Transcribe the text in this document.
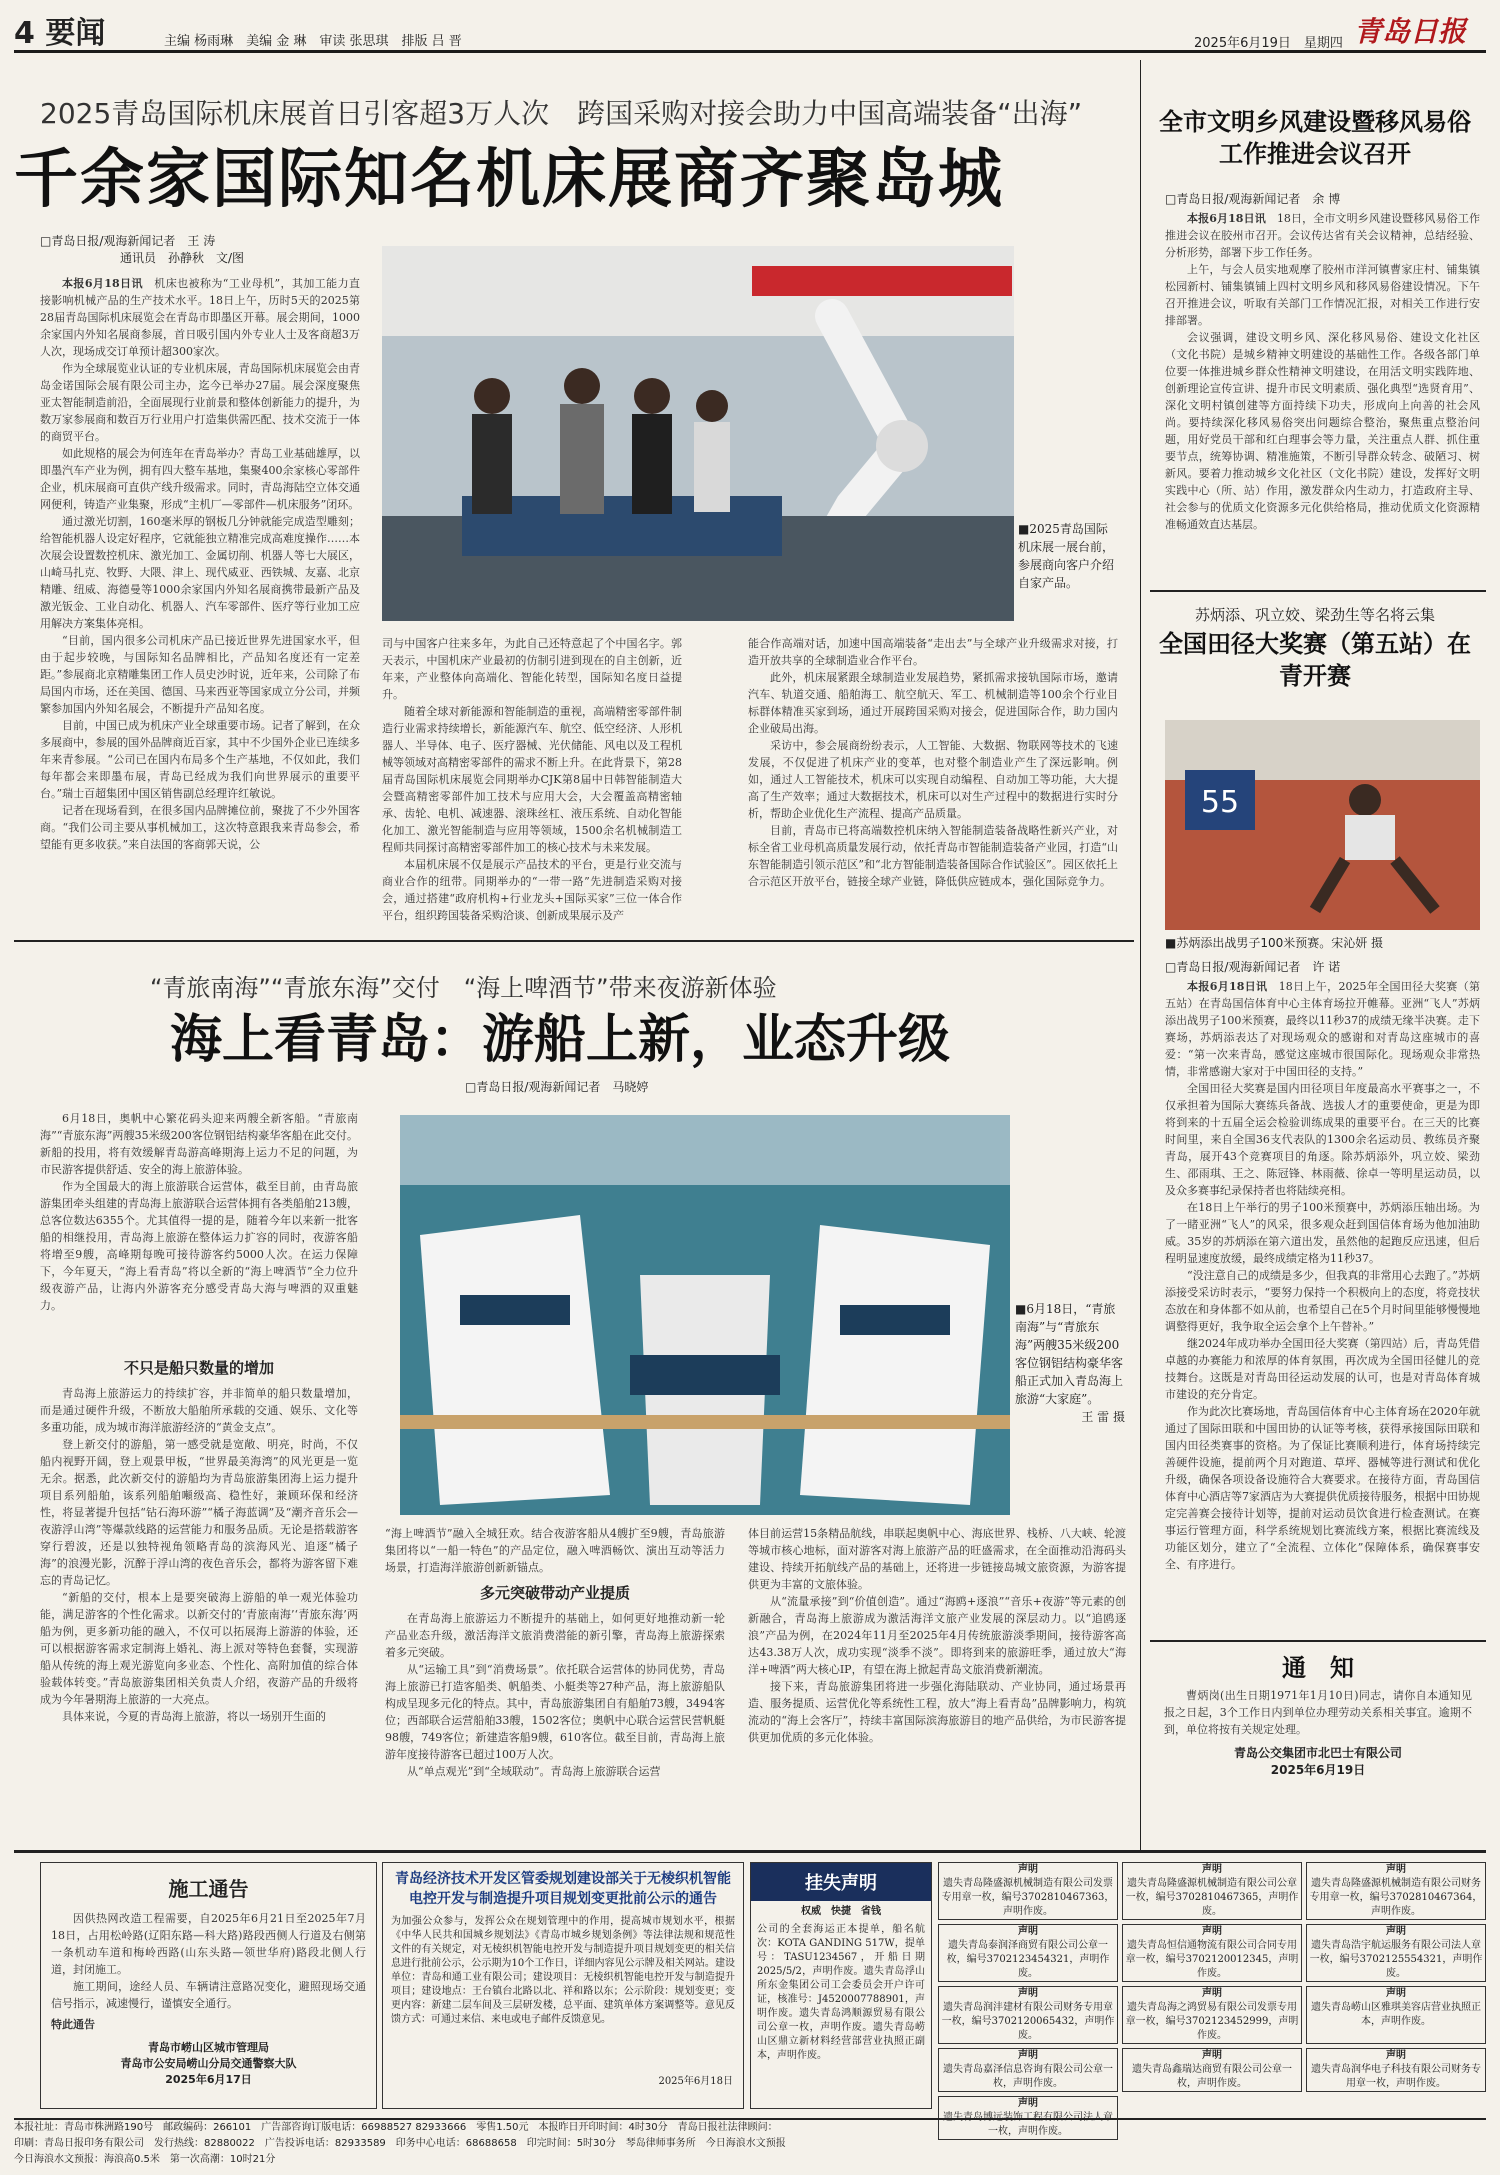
4 要闻	主编 杨雨琳　美编 金 琳　审读 张思琪　排版 吕 晋	2025年6月19日　星期四 青岛日报
2025青岛国际机床展首日引客超3万人次　跨国采购对接会助力中国高端装备“出海”
千余家国际知名机床展商齐聚岛城
□青岛日报/观海新闻记者　王 涛
通讯员　孙静秋　文/图

本报6月18日讯　 机床也被称为“工业母机”，其加工能力直接影响机械产品的生产技术水平。18日上午，历时5天的2025第28届青岛国际机床展览会在青岛市即墨区开幕。展会期间，1000余家国内外知名展商参展，首日吸引国内外专业人士及客商超3万人次，现场成交订单预计超300家次。

作为全球展览业认证的专业机床展，青岛国际机床展览会由青岛金诺国际会展有限公司主办，迄今已举办27届。展会深度聚焦亚太智能制造前沿，全面展现行业前景和整体创新能力的提升，为数万家参展商和数百万行业用户打造集供需匹配、技术交流于一体的商贸平台。

如此规格的展会为何连年在青岛举办？青岛工业基础雄厚，以即墨汽车产业为例，拥有四大整车基地，集聚400余家核心零部件企业，机床展商可直供产线升级需求。同时，青岛海陆空立体交通网便利，铸造产业集聚，形成“主机厂—零部件—机床服务”闭环。

通过激光切割，160毫米厚的钢板几分钟就能完成造型雕刻；给智能机器人设定好程序，它就能独立精准完成高难度操作……本次展会设置数控机床、激光加工、金属切削、机器人等七大展区，山崎马扎克、牧野、大隈、津上、现代威亚、西铁城、友嘉、北京精雕、纽威、海德曼等1000余家国内外知名展商携带最新产品及激光钣金、工业自动化、机器人、汽车零部件、医疗等行业加工应用解决方案集体亮相。

“目前，国内很多公司机床产品已接近世界先进国家水平，但由于起步较晚，与国际知名品牌相比，产品知名度还有一定差距。”参展商北京精雕集团工作人员史沙时说，近年来，公司除了布局国内市场，还在美国、德国、马来西亚等国家成立分公司，并频繁参加国内外知名展会，不断提升产品知名度。

目前，中国已成为机床产业全球重要市场。记者了解到，在众多展商中，参展的国外品牌商近百家，其中不少国外企业已连续多年来青参展。“公司已在国内布局多个生产基地，不仅如此，我们每年都会来即墨布展，青岛已经成为我们向世界展示的重要平台。”瑞士百超集团中国区销售副总经理许红敏说。

记者在现场看到，在很多国内品牌摊位前，聚拢了不少外国客商。“我们公司主要从事机械加工，这次特意跟我来青岛参会，希望能有更多收获。”来自法国的客商郭天说，公

■2025青岛国际机床展一展台前，参展商向客户介绍自家产品。

司与中国客户往来多年，为此自己还特意起了个中国名字。郭天表示，中国机床产业最初的仿制引进到现在的自主创新，近年来，产业整体向高端化、智能化转型，国际知名度日益提升。

随着全球对新能源和智能制造的重视，高端精密零部件制造行业需求持续增长，新能源汽车、航空、低空经济、人形机器人、半导体、电子、医疗器械、光伏储能、风电以及工程机械等领域对高精密零部件的需求不断上升。在此背景下，第28届青岛国际机床展览会同期举办CJK第8届中日韩智能制造大会暨高精密零部件加工技术与应用大会，大会覆盖高精密轴承、齿轮、电机、减速器、滚珠丝杠、液压系统、自动化智能化加工、激光智能制造与应用等领域，1500余名机械制造工程师共同探讨高精密零部件加工的核心技术与未来发展。

本届机床展不仅是展示产品技术的平台，更是行业交流与商业合作的纽带。同期举办的“一带一路”先进制造采购对接会，通过搭建“政府机构+行业龙头+国际买家”三位一体合作平台，组织跨国装备采购洽谈、创新成果展示及产

能合作高端对话，加速中国高端装备“走出去”与全球产业升级需求对接，打造开放共享的全球制造业合作平台。

此外，机床展紧跟全球制造业发展趋势，紧抓需求接轨国际市场，邀请汽车、轨道交通、船舶海工、航空航天、军工、机械制造等100余个行业目标群体精准买家到场，通过开展跨国采购对接会，促进国际合作，助力国内企业破局出海。

采访中，参会展商纷纷表示，人工智能、大数据、物联网等技术的飞速发展，不仅促进了机床产业的变革，也对整个制造业产生了深远影响。例如，通过人工智能技术，机床可以实现自动编程、自动加工等功能，大大提高了生产效率；通过大数据技术，机床可以对生产过程中的数据进行实时分析，帮助企业优化生产流程、提高产品质量。

目前，青岛市已将高端数控机床纳入智能制造装备战略性新兴产业，对标全省工业母机高质量发展行动，依托青岛市智能制造装备产业园，打造“山东智能制造引领示范区”和“北方智能制造装备国际合作试验区”。园区依托上合示范区开放平台，链接全球产业链，降低供应链成本，强化国际竞争力。

“青旅南海”“青旅东海”交付　“海上啤酒节”带来夜游新体验
海上看青岛：游船上新，业态升级
□青岛日报/观海新闻记者　马晓婷

6月18日，奥帆中心繁花码头迎来两艘全新客船。“青旅南海”“青旅东海”两艘35米级200客位钢铝结构豪华客船在此交付。新船的投用，将有效缓解青岛游高峰期海上运力不足的问题，为市民游客提供舒适、安全的海上旅游体验。

作为全国最大的海上旅游联合运营体，截至目前，由青岛旅游集团牵头组建的青岛海上旅游联合运营体拥有各类船舶213艘，总客位数达6355个。尤其值得一提的是，随着今年以来新一批客船的相继投用，青岛海上旅游在整体运力扩容的同时，夜游客船将增至9艘，高峰期每晚可接待游客约5000人次。在运力保障下，今年夏天，“海上看青岛”将以全新的“海上啤酒节”全力位升级夜游产品，让海内外游客充分感受青岛大海与啤酒的双重魅力。	■6月18日，“青旅南海”与“青旅东海”两艘35米级200客位钢铝结构豪华客船正式加入青岛海上旅游“大家庭”。
王 雷 摄
不只是船只数量的增加

青岛海上旅游运力的持续扩容，并非简单的船只数量增加，而是通过硬件升级，不断放大船舶所承载的交通、娱乐、文化等多重功能，成为城市海洋旅游经济的“黄金支点”。

登上新交付的游船，第一感受就是宽敞、明亮，时尚，不仅船内视野开阔，登上观景甲板，“世界最美海湾”的风光更是一览无余。据悉，此次新交付的游船均为青岛旅游集团海上运力提升项目系列船舶，该系列船舶噸级高、稳性好，兼顾环保和经济性，将显著提升包括“钻石海环游”“橘子海蓝调”及“潮齐音乐会—夜游浮山湾”等爆款线路的运营能力和服务品质。无论是搭载游客穿行碧波，还是以独特视角领略青岛的滨海风光、追逐“橘子海”的浪漫光影，沉醉于浮山湾的夜色音乐会，都将为游客留下难忘的青岛记忆。

“新船的交付，根本上是要突破海上游船的单一观光体验功能，满足游客的个性化需求。以新交付的‘青旅南海’‘青旅东海’两船为例，更多新功能的融入，不仅可以拓展海上游游的体验，还可以根据游客需求定制海上婚礼、海上派对等特色套餐，实现游船从传统的海上观光游览向多业态、个性化、高附加值的综合体验载体转变。”青岛旅游集团相关负责人介绍，夜游产品的升级将成为今年暑期海上旅游的一大亮点。

具体来说，今夏的青岛海上旅游，将以一场别开生面的

“海上啤酒节”融入全城狂欢。结合夜游客船从4艘扩至9艘，青岛旅游集团将以“一船一特色”的产品定位，融入啤酒畅饮、演出互动等活力场景，打造海洋旅游创新新锚点。

多元突破带动产业提质

在青岛海上旅游运力不断提升的基础上，如何更好地推动新一轮产品业态升级，激活海洋文旅消费潜能的新引擎，青岛海上旅游探索着多元突破。

从“运输工具”到“消费场景”。依托联合运营体的协同优势，青岛海上旅游已打造客船类、帆船类、小艇类等27种产品，海上旅游船队构成呈现多元化的特点。其中，青岛旅游集团自有船舶73艘，3494客位；西部联合运营船舶33艘，1502客位；奥帆中心联合运营民营帆艇98艘，749客位；新建造客船9艘，610客位。截至目前，青岛海上旅游年度接待游客已超过100万人次。

从“单点观光”到“全域联动”。青岛海上旅游联合运营

体目前运营15条精品航线，串联起奥帆中心、海底世界、栈桥、八大峡、轮渡等城市核心地标，面对游客对海上旅游产品的旺盛需求，在全面推动沿海码头建设、持续开拓航线产品的基础上，还将进一步链接岛城文旅资源，为游客提供更为丰富的文旅体验。

从“流量承接”到“价值创造”。通过“海鸥+逐浪”“音乐+夜游”等元素的创新融合，青岛海上旅游成为激活海洋文旅产业发展的深层动力。以“追鸥逐浪”产品为例，在2024年11月至2025年4月传统旅游淡季期间，接待游客高达43.38万人次，成功实现“淡季不淡”。即将到来的旅游旺季，通过放大“海洋+啤酒”两大核心IP，有望在海上掀起青岛文旅消费新潮流。

接下来，青岛旅游集团将进一步强化海陆联动、产业协同，通过场景再造、服务提质、运营优化等系统性工程，放大“海上看青岛”品牌影响力，构筑流动的“海上会客厅”，持续丰富国际滨海旅游目的地产品供给，为市民游客提供更加优质的多元化体验。

全市文明乡风建设暨移风易俗工作推进会议召开
□青岛日报/观海新闻记者　余 博

本报6月18日讯　 18日，全市文明乡风建设暨移风易俗工作推进会议在胶州市召开。会议传达省有关会议精神，总结经验、分析形势，部署下步工作任务。

上午，与会人员实地观摩了胶州市洋河镇曹家庄村、铺集镇松园新村、铺集镇铺上四村文明乡风和移风易俗建设情况。下午召开推进会议，听取有关部门工作情况汇报，对相关工作进行安排部署。

会议强调，建设文明乡风、深化移风易俗、建设文化社区（文化书院）是城乡精神文明建设的基础性工作。各级各部门单位要一体推进城乡群众性精神文明建设，在用活文明实践阵地、创新理论宣传宣讲、提升市民文明素质、强化典型“选贤育用”、深化文明村镇创建等方面持续下功夫，形成向上向善的社会风尚。要持续深化移风易俗突出问题综合整治，聚焦重点整治问题，用好党员干部和红白理事会等力量，关注重点人群、抓住重要节点，统筹协调、精准施策，不断引导群众转念、破陋习、树新风。要着力推动城乡文化社区（文化书院）建设，发挥好文明实践中心（所、站）作用，激发群众内生动力，打造政府主导、社会参与的优质文化资源多元化供给格局，推动优质文化资源精准畅通效直达基层。

苏炳添、巩立姣、梁劲生等名将云集
全国田径大奖赛（第五站）在青开赛
55
■苏炳添出战男子100米预赛。宋沁妍 摄
□青岛日报/观海新闻记者　许 诺

本报6月18日讯　 18日上午，2025年全国田径大奖赛（第五站）在青岛国信体育中心主体育场拉开帷幕。亚洲“飞人”苏炳添出战男子100米预赛，最终以11秒37的成绩无缘半决赛。走下赛场，苏炳添表达了对现场观众的感谢和对青岛这座城市的喜爱：“第一次来青岛，感觉这座城市很国际化。现场观众非常热情，非常感谢大家对于中国田径的支持。”

全国田径大奖赛是国内田径项目年度最高水平赛事之一，不仅承担着为国际大赛练兵备战、选拔人才的重要使命，更是为即将到来的十五届全运会检验训练成果的重要平台。在三天的比赛时间里，来自全国36支代表队的1300余名运动员、教练员齐聚青岛，展开43个竞赛项目的角逐。除苏炳添外，巩立姣、梁劲生、邵雨琪、王之、陈冠锋、林雨薇、徐卓一等明星运动员，以及众多赛事纪录保持者也将陆续亮相。

在18日上午举行的男子100米预赛中，苏炳添压轴出场。为了一睹亚洲“飞人”的风采，很多观众赶到国信体育场为他加油助威。35岁的苏炳添在第六道出发，虽然他的起跑反应迅速，但后程明显速度放缓，最终成绩定格为11秒37。

“没注意自己的成绩是多少，但我真的非常用心去跑了。”苏炳添接受采访时表示，“要努力保持一个积极向上的态度，将竞技状态放在和身体都不如从前，也希望自己在5个月时间里能够慢慢地调整得更好，我争取全运会拿个上午替补。”

继2024年成功举办全国田径大奖赛（第四站）后，青岛凭借卓越的办赛能力和浓厚的体育氛围，再次成为全国田径健儿的竞技舞台。这既是对青岛田径运动发展的认可，也是对青岛体育城市建设的充分肯定。

作为此次比赛场地，青岛国信体育中心主体育场在2020年就通过了国际田联和中国田协的认证等考核，获得承接国际田联和国内田径类赛事的资格。为了保证比赛顺利进行，体育场持续完善硬件设施，提前两个月对跑道、草坪、器械等进行测试和优化升级，确保各项设备设施符合大赛要求。在接待方面，青岛国信体育中心酒店等7家酒店为大赛提供优质接待服务，根据中田协规定完善赛会接待计划等，提前对运动员饮食进行检查测试。在赛事运行管理方面，科学系统规划比赛流线方案，根据比赛流线及功能区划分，建立了“全流程、立体化”保障体系，确保赛事安全、有序进行。

通　知

曹炳岗(出生日期1971年1月10日)同志，请你自本通知见报之日起，3个工作日内到单位办理劳动关系相关事宜。逾期不到，单位将按有关规定处理。

青岛公交集团市北巴士有限公司
2025年6月19日
施工通告

因供热网改造工程需要，自2025年6月21日至2025年7月18日，占用松岭路(辽阳东路—科大路)路段西侧人行道及右侧第一条机动车道和梅岭西路(山东头路—领世华府)路段北侧人行道，封闭施工。

施工期间，途经人员、车辆请注意路况变化，避照现场交通信号指示，减速慢行，谨慎安全通行。

特此通告
青岛市崂山区城市管理局
青岛市公安局崂山分局交通警察大队
2025年6月17日
青岛经济技术开发区管委规划建设部关于无棱织机智能电控开发与制造提升项目规划变更批前公示的通告
为加强公众参与，发挥公众在规划管理中的作用，提高城市规划水平，根据《中华人民共和国城乡规划法》《青岛市城乡规划条例》等法律法规和规范性文件的有关规定，对无棱织机智能电控开发与制造提升项目规划变更的相关信息进行批前公示，公示期为10个工作日，详细内容见公示牌及相关网站。建设单位：青岛和通工业有限公司；建设项目：无棱织机智能电控开发与制造提升项目；建设地点：王台镇台北路以北、祥和路以东；公示阶段：规划变更；变更内容：新建二层车间及三层研发楼，总平面、建筑单体方案调整等。意见反馈方式：可通过来信、来电或电子邮件反馈意见。
2025年6月18日
挂失声明
权威　快捷　省钱
公司的全套海运正本提单，船名航次：KOTA GANDING 517W，提单号：TASU1234567，开船日期2025/5/2，声明作废。遗失青岛浮山所东金集团公司工会委员会开户许可证，核准号：J4520007788901，声明作废。遗失青岛鸿顺源贸易有限公司公章一枚，声明作废。遗失青岛崂山区鼎立新材料经营部营业执照正副本，声明作废。
声明
遗失青岛隆盛源机械制造有限公司发票专用章一枚，编号3702810467363，声明作废。
声明
遗失青岛隆盛源机械制造有限公司公章一枚，编号3702810467365，声明作废。
声明
遗失青岛隆盛源机械制造有限公司财务专用章一枚，编号3702810467364，声明作废。
声明
遗失青岛泰润泽商贸有限公司公章一枚，编号3702123454321，声明作废。
声明
遗失青岛恒信通物流有限公司合同专用章一枚，编号3702120012345，声明作废。
声明
遗失青岛浩宇航运服务有限公司法人章一枚，编号3702125554321，声明作废。
声明
遗失青岛润沣建材有限公司财务专用章一枚，编号3702120065432，声明作废。
声明
遗失青岛海之鸿贸易有限公司发票专用章一枚，编号3702123452999，声明作废。
声明
遗失青岛崂山区雅琪美容店营业执照正本，声明作废。
声明
遗失青岛嘉泽信息咨询有限公司公章一枚，声明作废。
声明
遗失青岛鑫瑞达商贸有限公司公章一枚，声明作废。
声明
遗失青岛润华电子科技有限公司财务专用章一枚，声明作废。
声明
遗失青岛博远装饰工程有限公司法人章一枚，声明作废。
本报社址：青岛市株洲路190号　邮政编码：266101　广告部咨询订版电话：66988527 82933666　零售1.50元　本报昨日开印时间：4时30分　青岛日报社法律顾问：
印刷：青岛日报印务有限公司　发行热线：82880022　广告投诉电话：82933589　印务中心电话：68688658　印完时间：5时30分　琴岛律师事务所　今日海浪水文预报
今日海浪水文预报：海浪高0.5米　第一次高潮：10时21分
